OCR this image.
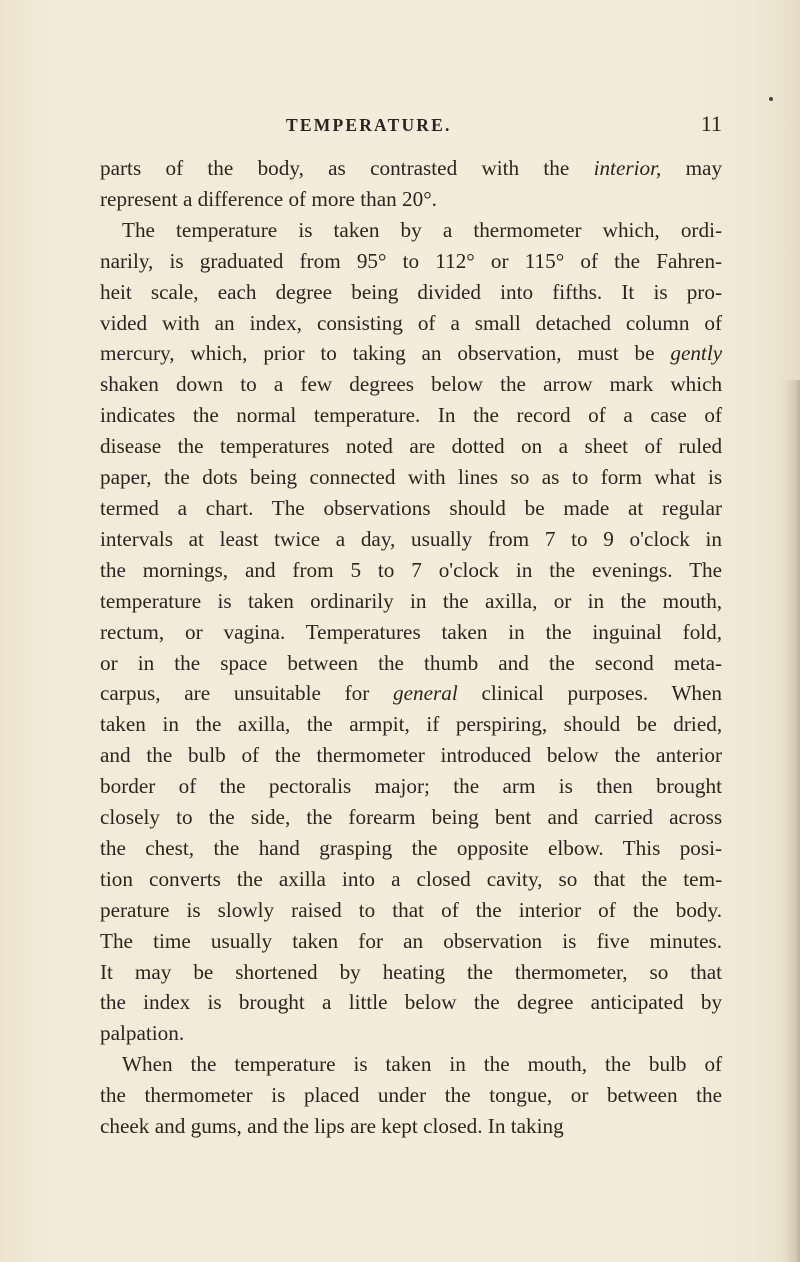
TEMPERATURE.	11

parts of the body, as contrasted with the interior, may
represent a difference of more than 20°.

The temperature is taken by a thermometer which, ordi-
narily, is graduated from 95° to 112° or 115° of the Fahren-
heit scale, each degree being divided into fifths. It is pro-
vided with an index, consisting of a small detached column of
mercury, which, prior to taking an observation, must be gently
shaken down to a few degrees below the arrow mark which
indicates the normal temperature. In the record of a case of
disease the temperatures noted are dotted on a sheet of ruled
paper, the dots being connected with lines so as to form what is
termed a chart. The observations should be made at regular
intervals at least twice a day, usually from 7 to 9 o'clock in
the mornings, and from 5 to 7 o'clock in the evenings. The
temperature is taken ordinarily in the axilla, or in the mouth,
rectum, or vagina. Temperatures taken in the inguinal fold,
or in the space between the thumb and the second meta-
carpus, are unsuitable for general clinical purposes. When
taken in the axilla, the armpit, if perspiring, should be dried,
and the bulb of the thermometer introduced below the anterior
border of the pectoralis major; the arm is then brought
closely to the side, the forearm being bent and carried across
the chest, the hand grasping the opposite elbow. This posi-
tion converts the axilla into a closed cavity, so that the tem-
perature is slowly raised to that of the interior of the body.
The time usually taken for an observation is five minutes.
It may be shortened by heating the thermometer, so that
the index is brought a little below the degree anticipated by
palpation.

When the temperature is taken in the mouth, the bulb of
the thermometer is placed under the tongue, or between the
cheek and gums, and the lips are kept closed. In taking
